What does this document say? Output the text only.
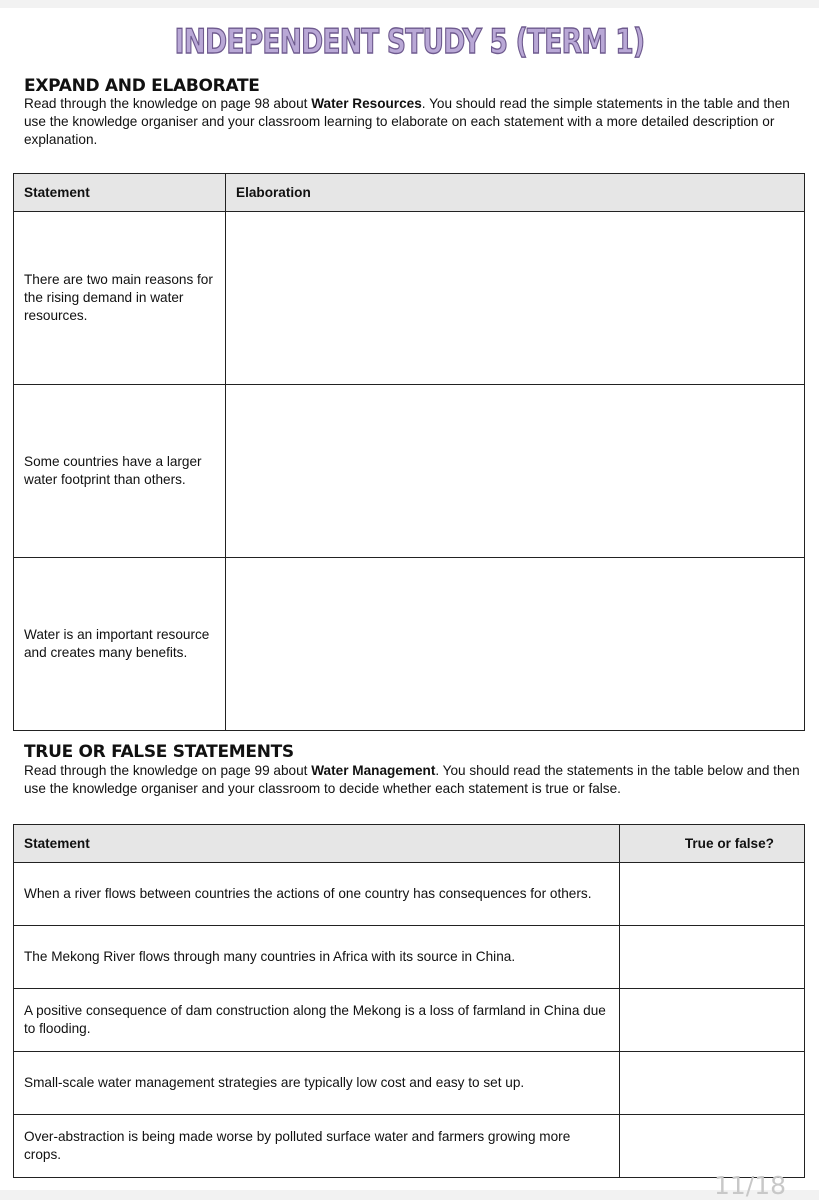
INDEPENDENT STUDY 5 (TERM 1)
EXPAND AND ELABORATE
Read through the knowledge on page 98 about Water Resources. You should read the simple statements in the table and then use the knowledge organiser and your classroom learning to elaborate on each statement with a more detailed description or explanation.
Statement	Elaboration
There are two main reasons for the rising demand in water resources.	
Some countries have a larger water footprint than others.	
Water is an important resource and creates many benefits.	
TRUE OR FALSE STATEMENTS
Read through the knowledge on page 99 about Water Management. You should read the statements in the table below and then use the knowledge organiser and your classroom to decide whether each statement is true or false.
Statement	True or false?
When a river flows between countries the actions of one country has consequences for others.	
The Mekong River flows through many countries in Africa with its source in China.	
A positive consequence of dam construction along the Mekong is a loss of farmland in China due to flooding.	
Small-scale water management strategies are typically low cost and easy to set up.	
Over-abstraction is being made worse by polluted surface water and farmers growing more crops.	
11/18
